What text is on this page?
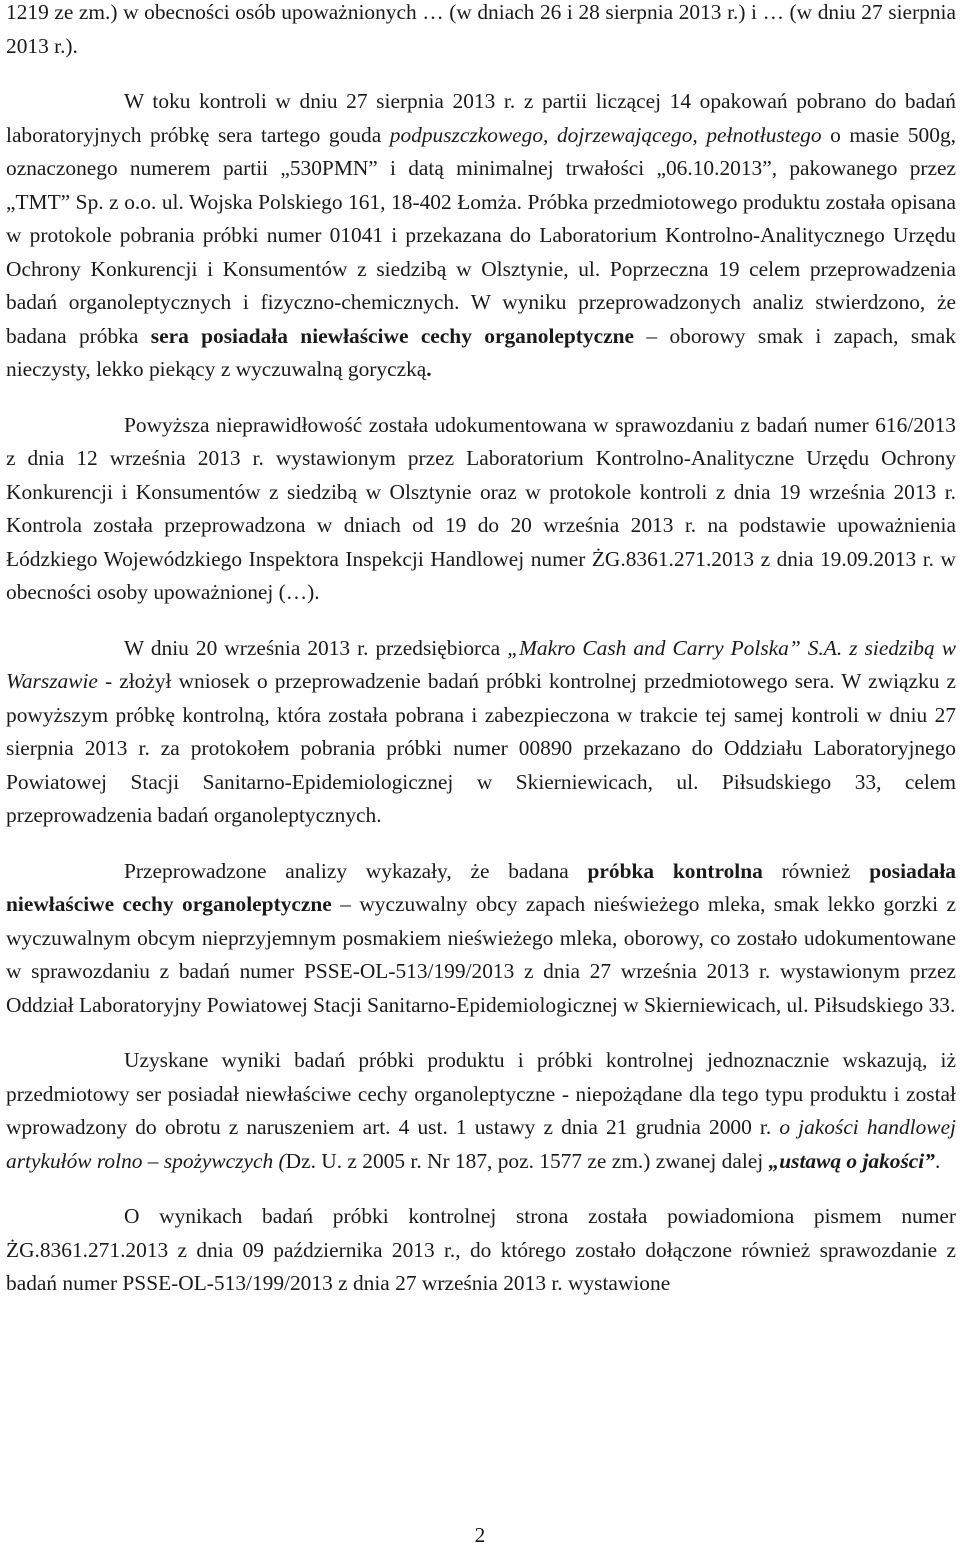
1219 ze zm.) w obecności osób upoważnionych … (w dniach 26 i 28 sierpnia 2013 r.) i … (w dniu 27 sierpnia 2013 r.).

W toku kontroli w dniu 27 sierpnia 2013 r. z partii liczącej 14 opakowań pobrano do badań laboratoryjnych próbkę sera tartego gouda podpuszczkowego, dojrzewającego, pełnotłustego o masie 500g, oznaczonego numerem partii „530PMN” i datą minimalnej trwałości „06.10.2013”, pakowanego przez „TMT” Sp. z o.o. ul. Wojska Polskiego 161, 18-402 Łomża. Próbka przedmiotowego produktu została opisana w protokole pobrania próbki numer 01041 i przekazana do Laboratorium Kontrolno-Analitycznego Urzędu Ochrony Konkurencji i Konsumentów z siedzibą w Olsztynie, ul. Poprzeczna 19 celem przeprowadzenia badań organoleptycznych i fizyczno-chemicznych. W wyniku przeprowadzonych analiz stwierdzono, że badana próbka sera posiadała niewłaściwe cechy organoleptyczne – oborowy smak i zapach, smak nieczysty, lekko piekący z wyczuwalną goryczką.

Powyższa nieprawidłowość została udokumentowana w sprawozdaniu z badań numer 616/2013 z dnia 12 września 2013 r. wystawionym przez Laboratorium Kontrolno-Analityczne Urzędu Ochrony Konkurencji i Konsumentów z siedzibą w Olsztynie oraz w protokole kontroli z dnia 19 września 2013 r. Kontrola została przeprowadzona w dniach od 19 do 20 września 2013 r. na podstawie upoważnienia Łódzkiego Wojewódzkiego Inspektora Inspekcji Handlowej numer ŻG.8361.271.2013 z dnia 19.09.2013 r. w obecności osoby upoważnionej (…).

W dniu 20 września 2013 r. przedsiębiorca „Makro Cash and Carry Polska” S.A. z siedzibą w Warszawie - złożył wniosek o przeprowadzenie badań próbki kontrolnej przedmiotowego sera. W związku z powyższym próbkę kontrolną, która została pobrana i zabezpieczona w trakcie tej samej kontroli w dniu 27 sierpnia 2013 r. za protokołem pobrania próbki numer 00890 przekazano do Oddziału Laboratoryjnego Powiatowej Stacji Sanitarno-Epidemiologicznej w Skierniewicach, ul. Piłsudskiego 33, celem przeprowadzenia badań organoleptycznych.

Przeprowadzone analizy wykazały, że badana próbka kontrolna również posiadała niewłaściwe cechy organoleptyczne – wyczuwalny obcy zapach nieświeżego mleka, smak lekko gorzki z wyczuwalnym obcym nieprzyjemnym posmakiem nieświeżego mleka, oborowy, co zostało udokumentowane w sprawozdaniu z badań numer PSSE-OL-513/199/2013 z dnia 27 września 2013 r. wystawionym przez Oddział Laboratoryjny Powiatowej Stacji Sanitarno-Epidemiologicznej w Skierniewicach, ul. Piłsudskiego 33.

Uzyskane wyniki badań próbki produktu i próbki kontrolnej jednoznacznie wskazują, iż przedmiotowy ser posiadał niewłaściwe cechy organoleptyczne - niepożądane dla tego typu produktu i został wprowadzony do obrotu z naruszeniem art. 4 ust. 1 ustawy z dnia 21 grudnia 2000 r. o jakości handlowej artykułów rolno – spożywczych (Dz. U. z 2005 r. Nr 187, poz. 1577 ze zm.) zwanej dalej „ustawą o jakości”.

O wynikach badań próbki kontrolnej strona została powiadomiona pismem numer ŻG.8361.271.2013 z dnia 09 października 2013 r., do którego zostało dołączone również sprawozdanie z badań numer PSSE-OL-513/199/2013 z dnia 27 września 2013 r. wystawione

2
